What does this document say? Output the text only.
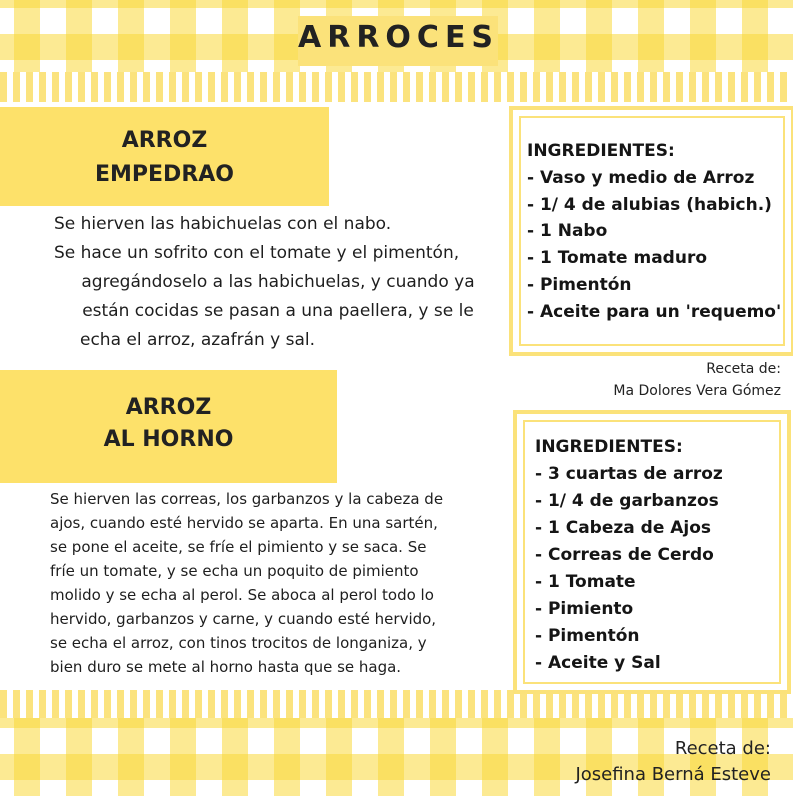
ARROCES
ARROZ
EMPEDRAO
Se hierven las habichuelas con el nabo.
Se hace un sofrito con el tomate y el pimentón,
agregándoselo a las habichuelas, y cuando ya
están cocidas se pasan a una paellera, y se le
echa el arroz, azafrán y sal.
INGREDIENTES:
- Vaso y medio de Arroz
- 1/ 4 de alubias (habich.)
- 1 Nabo
- 1 Tomate maduro
- Pimentón
- Aceite para un 'requemo'
Receta de:
Ma Dolores Vera Gómez
ARROZ
AL HORNO
Se hierven las correas, los garbanzos y la cabeza de
ajos, cuando esté hervido se aparta. En una sartén,
se pone el aceite, se fríe el pimiento y se saca. Se
fríe un tomate, y se echa un poquito de pimiento
molido y se echa al perol. Se aboca al perol todo lo
hervido, garbanzos y carne, y cuando esté hervido,
se echa el arroz, con tinos trocitos de longaniza, y
bien duro se mete al horno hasta que se haga.
INGREDIENTES:
- 3 cuartas de arroz
- 1/ 4 de garbanzos
- 1 Cabeza de Ajos
- Correas de Cerdo
- 1 Tomate
- Pimiento
- Pimentón
- Aceite y Sal
Receta de:
Josefina Berná Esteve
